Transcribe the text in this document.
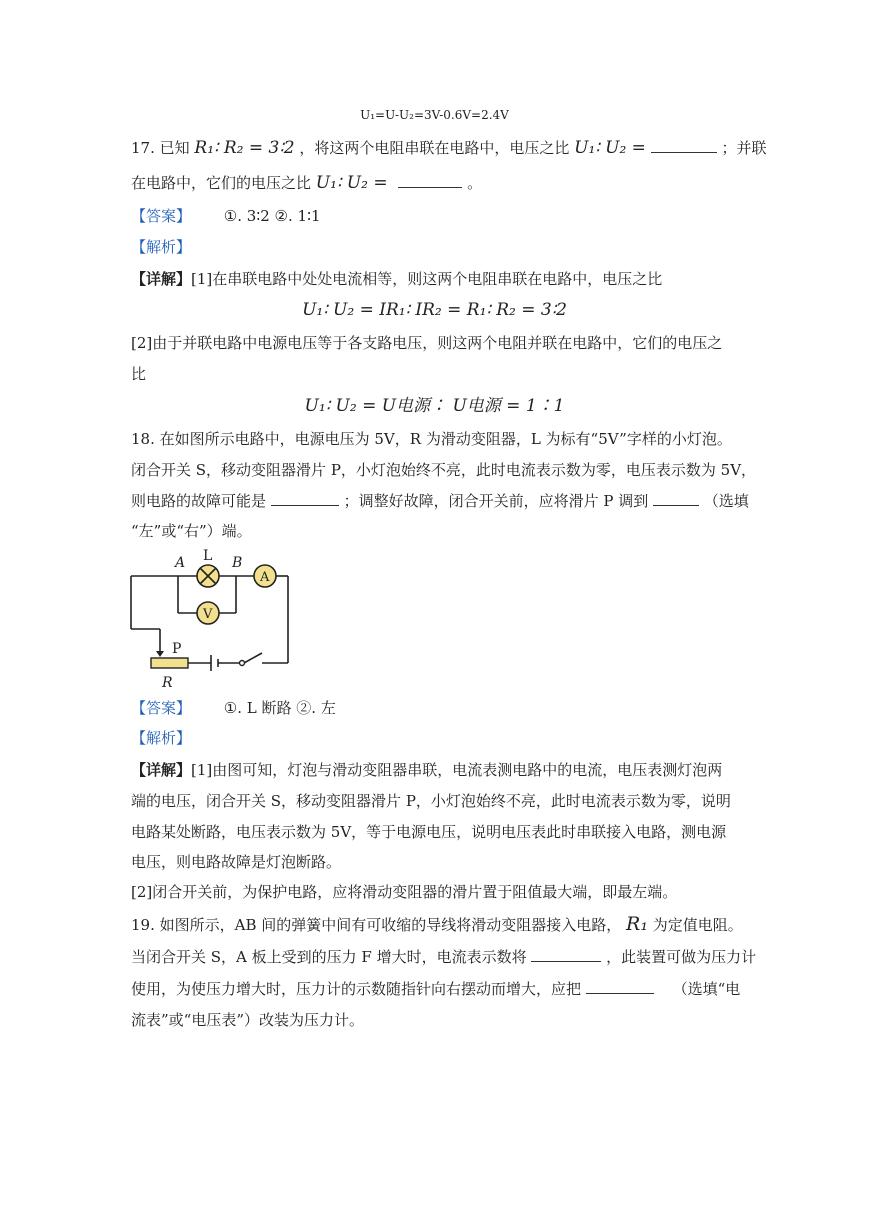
U₁=U-U₂=3V-0.6V=2.4V
17. 已知 R₁∶ R₂ = 3∶2 ，将这两个电阻串联在电路中，电压之比 U₁∶ U₂ =	；并联
在电路中，它们的电压之比 U₁∶ U₂ =	。
【答案】 ①. 3∶2 ②. 1∶1
【解析】
【详解】[1]在串联电路中处处电流相等，则这两个电阻串联在电路中，电压之比
U₁∶ U₂ = IR₁∶ IR₂ = R₁∶ R₂ = 3∶2
[2]由于并联电路中电源电压等于各支路电压，则这两个电阻并联在电路中，它们的电压之
比
U₁∶ U₂ = U电源∶ U电源 = 1∶1
18. 在如图所示电路中，电源电压为 5V，R 为滑动变阻器，L 为标有“5V”字样的小灯泡。
闭合开关 S，移动变阻器滑片 P，小灯泡始终不亮，此时电流表示数为零，电压表示数为 5V，
则电路的故障可能是	；调整好故障，闭合开关前，应将滑片 P 调到	（选填
“左”或“右”）端。
A L B
A
V
P
R
【答案】 ①. L 断路 ②. 左
【解析】
【详解】[1]由图可知，灯泡与滑动变阻器串联，电流表测电路中的电流，电压表测灯泡两
端的电压，闭合开关 S，移动变阻器滑片 P，小灯泡始终不亮，此时电流表示数为零，说明
电路某处断路，电压表示数为 5V，等于电源电压，说明电压表此时串联接入电路，测电源
电压，则电路故障是灯泡断路。
[2]闭合开关前，为保护电路，应将滑动变阻器的滑片置于阻值最大端，即最左端。
19. 如图所示，AB 间的弹簧中间有可收缩的导线将滑动变阻器接入电路， R₁ 为定值电阻。
当闭合开关 S，A 板上受到的压力 F 增大时，电流表示数将	，此装置可做为压力计
使用，为使压力增大时，压力计的示数随指针向右摆动而增大，应把	（选填“电
流表”或“电压表”）改装为压力计。
